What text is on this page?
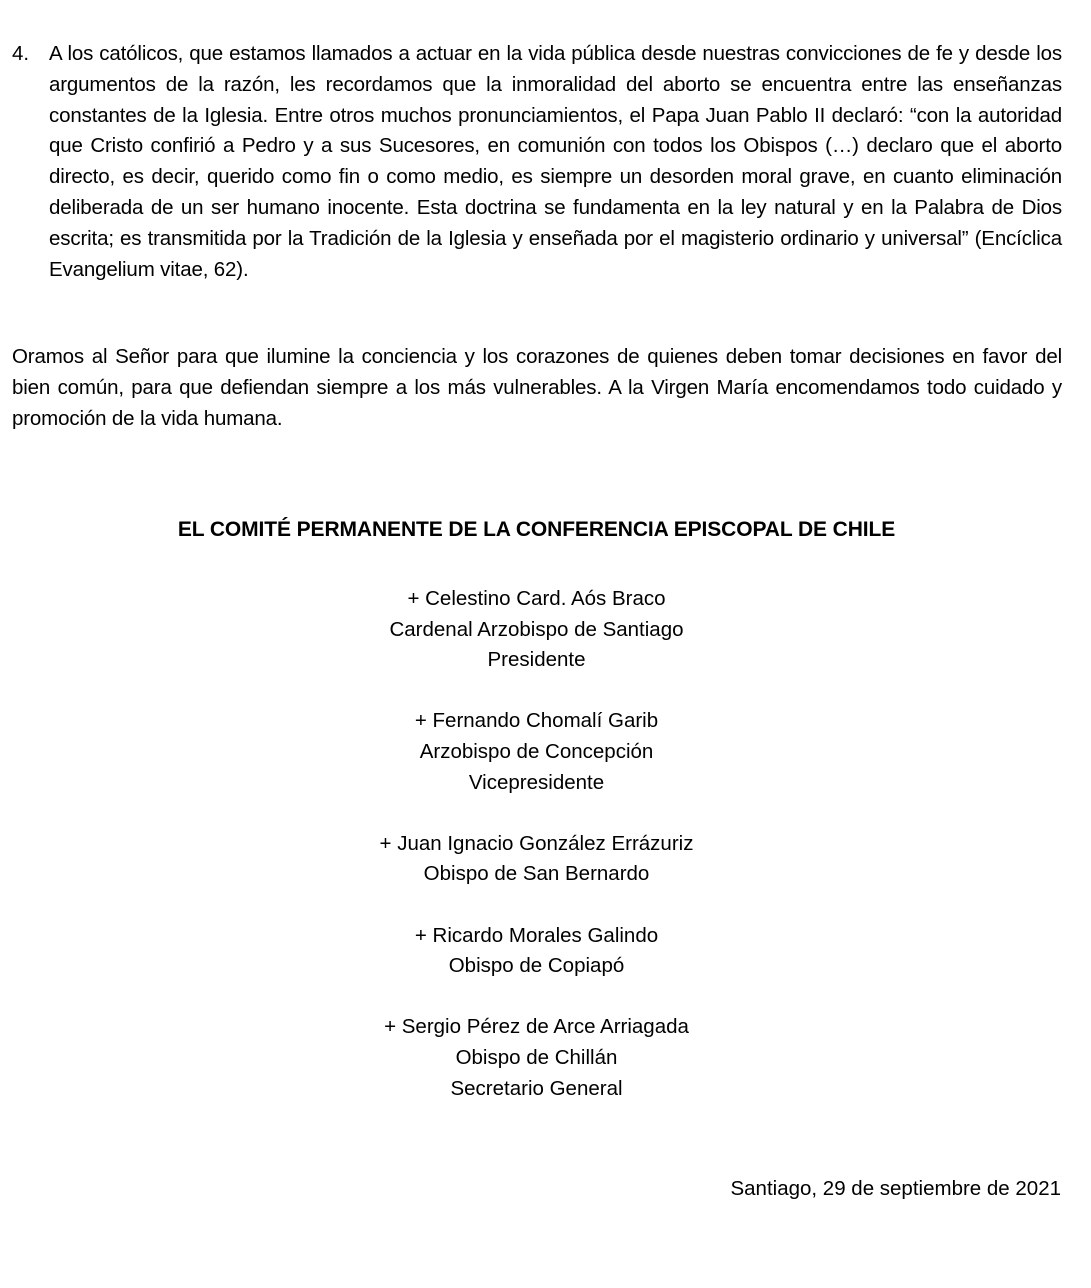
4. A los católicos, que estamos llamados a actuar en la vida pública desde nuestras convicciones de fe y desde los argumentos de la razón, les recordamos que la inmoralidad del aborto se encuentra entre las enseñanzas constantes de la Iglesia. Entre otros muchos pronunciamientos, el Papa Juan Pablo II declaró: “con la autoridad que Cristo confirió a Pedro y a sus Sucesores, en comunión con todos los Obispos (…) declaro que el aborto directo, es decir, querido como fin o como medio, es siempre un desorden moral grave, en cuanto eliminación deliberada de un ser humano inocente. Esta doctrina se fundamenta en la ley natural y en la Palabra de Dios escrita; es transmitida por la Tradición de la Iglesia y enseñada por el magisterio ordinario y universal” (Encíclica Evangelium vitae, 62).

Oramos al Señor para que ilumine la conciencia y los corazones de quienes deben tomar decisiones en favor del bien común, para que defiendan siempre a los más vulnerables. A la Virgen María encomendamos todo cuidado y promoción de la vida humana.

EL COMITÉ PERMANENTE DE LA CONFERENCIA EPISCOPAL DE CHILE
+ Celestino Card. Aós Braco
Cardenal Arzobispo de Santiago
Presidente
+ Fernando Chomalí Garib
Arzobispo de Concepción
Vicepresidente
+ Juan Ignacio González Errázuriz
Obispo de San Bernardo
+ Ricardo Morales Galindo
Obispo de Copiapó
+ Sergio Pérez de Arce Arriagada
Obispo de Chillán
Secretario General
Santiago, 29 de septiembre de 2021
